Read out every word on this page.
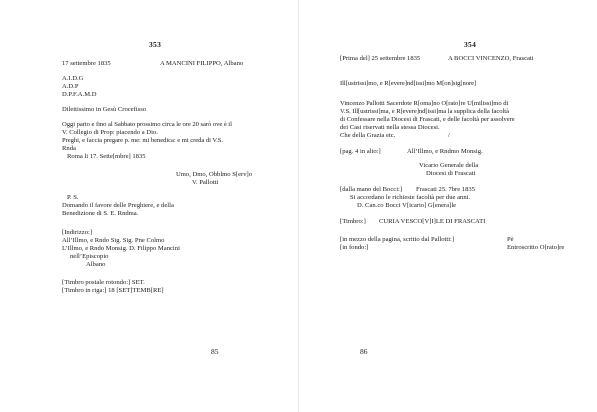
353
17 settembre 1835	A MANCINI FILIPPO, Albano
A.I.D.G
A.D.P
D.P.F.A.M.D
Dilettissimo in Gesù Crocefisso
Oggi parto e fino al Sabbato prossimo circa le ore 20 sarò ove è il
V. Collegio di Prop: piacendo a Dio.
Preghi, e faccia pregare p. me: mi benedica: e mi creda di V.S.
Rnda
Roma li 17. Sette[mbre] 1835
Umo, Dmo, Obblmo S[erv]o
V. Pallotti
P. S.
Domando il favore delle Preghiere, e della
Benedizione di S. E. Rndma.
[Indirizzo:]
All’Illmo, e Rndo Sig. Sig. Pne Colmo
L’Illmo, e Rndo Monsig. D. Filippo Mancini
nell’Episcopio
Albano
[Timbro postale rotondo:] SET.
[Timbro in riga:] 18 [SET]TEMB[RE]
85
354
[Prima del] 25 settembre 1835	A BOCCI VINCENZO, Frascati
Ill[ustrissi]mo, e R[evere]nd[issi]mo M[on]sig[nore]
Vincenzo Pallotti Sacerdote R[oma]no O[rato]re U[milissi]mo di
V.S. Ill[ustrissi]ma, e R[evere]nd[issi]ma la supplica della facoltà
di Confessare nella Diocesi di Frascati, e delle facoltà per assolvere
dei Casi riservati nella stessa Diocesi.
Che della Grazia etc.	/
[pag. 4 in alto:]	All’Illmo, e Rndmo Monsig.
Vicario Generale della
Diocesi di Frascati
[dalla mano del Bocci:] Frascati 25. 7bre 1835
Si accordano le richieste facoltà per due anni.
D. Can.co Bocci V[icario] G[enera]le
[Timbro:] CURIA VESCO[V]I]LE DI FRASCATI
[in mezzo della pagina, scritto dal Pallotti:]	Pè
[in fondo:]	Entroscritto O[rato]re
86
